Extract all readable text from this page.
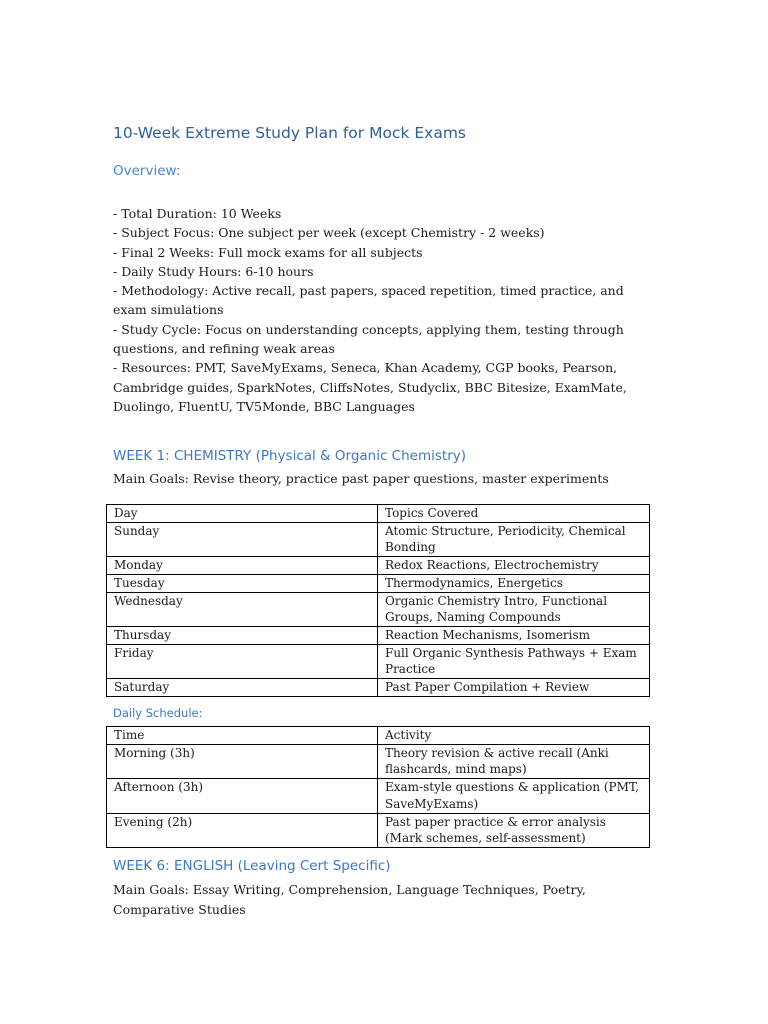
10-Week Extreme Study Plan for Mock Exams
Overview:
- Total Duration: 10 Weeks
- Subject Focus: One subject per week (except Chemistry - 2 weeks)
- Final 2 Weeks: Full mock exams for all subjects
- Daily Study Hours: 6-10 hours
- Methodology: Active recall, past papers, spaced repetition, timed practice, and exam simulations
- Study Cycle: Focus on understanding concepts, applying them, testing through questions, and refining weak areas
- Resources: PMT, SaveMyExams, Seneca, Khan Academy, CGP books, Pearson, Cambridge guides, SparkNotes, CliffsNotes, Studyclix, BBC Bitesize, ExamMate, Duolingo, FluentU, TV5Monde, BBC Languages
WEEK 1: CHEMISTRY (Physical & Organic Chemistry)
Main Goals: Revise theory, practice past paper questions, master experiments
Day	Topics Covered
Sunday	Atomic Structure, Periodicity, Chemical Bonding
Monday	Redox Reactions, Electrochemistry
Tuesday	Thermodynamics, Energetics
Wednesday	Organic Chemistry Intro, Functional Groups, Naming Compounds
Thursday	Reaction Mechanisms, Isomerism
Friday	Full Organic Synthesis Pathways + Exam Practice
Saturday	Past Paper Compilation + Review
Daily Schedule:
Time	Activity
Morning (3h)	Theory revision & active recall (Anki flashcards, mind maps)
Afternoon (3h)	Exam-style questions & application (PMT, SaveMyExams)
Evening (2h)	Past paper practice & error analysis (Mark schemes, self-assessment)
WEEK 6: ENGLISH (Leaving Cert Specific)
Main Goals: Essay Writing, Comprehension, Language Techniques, Poetry, Comparative Studies
